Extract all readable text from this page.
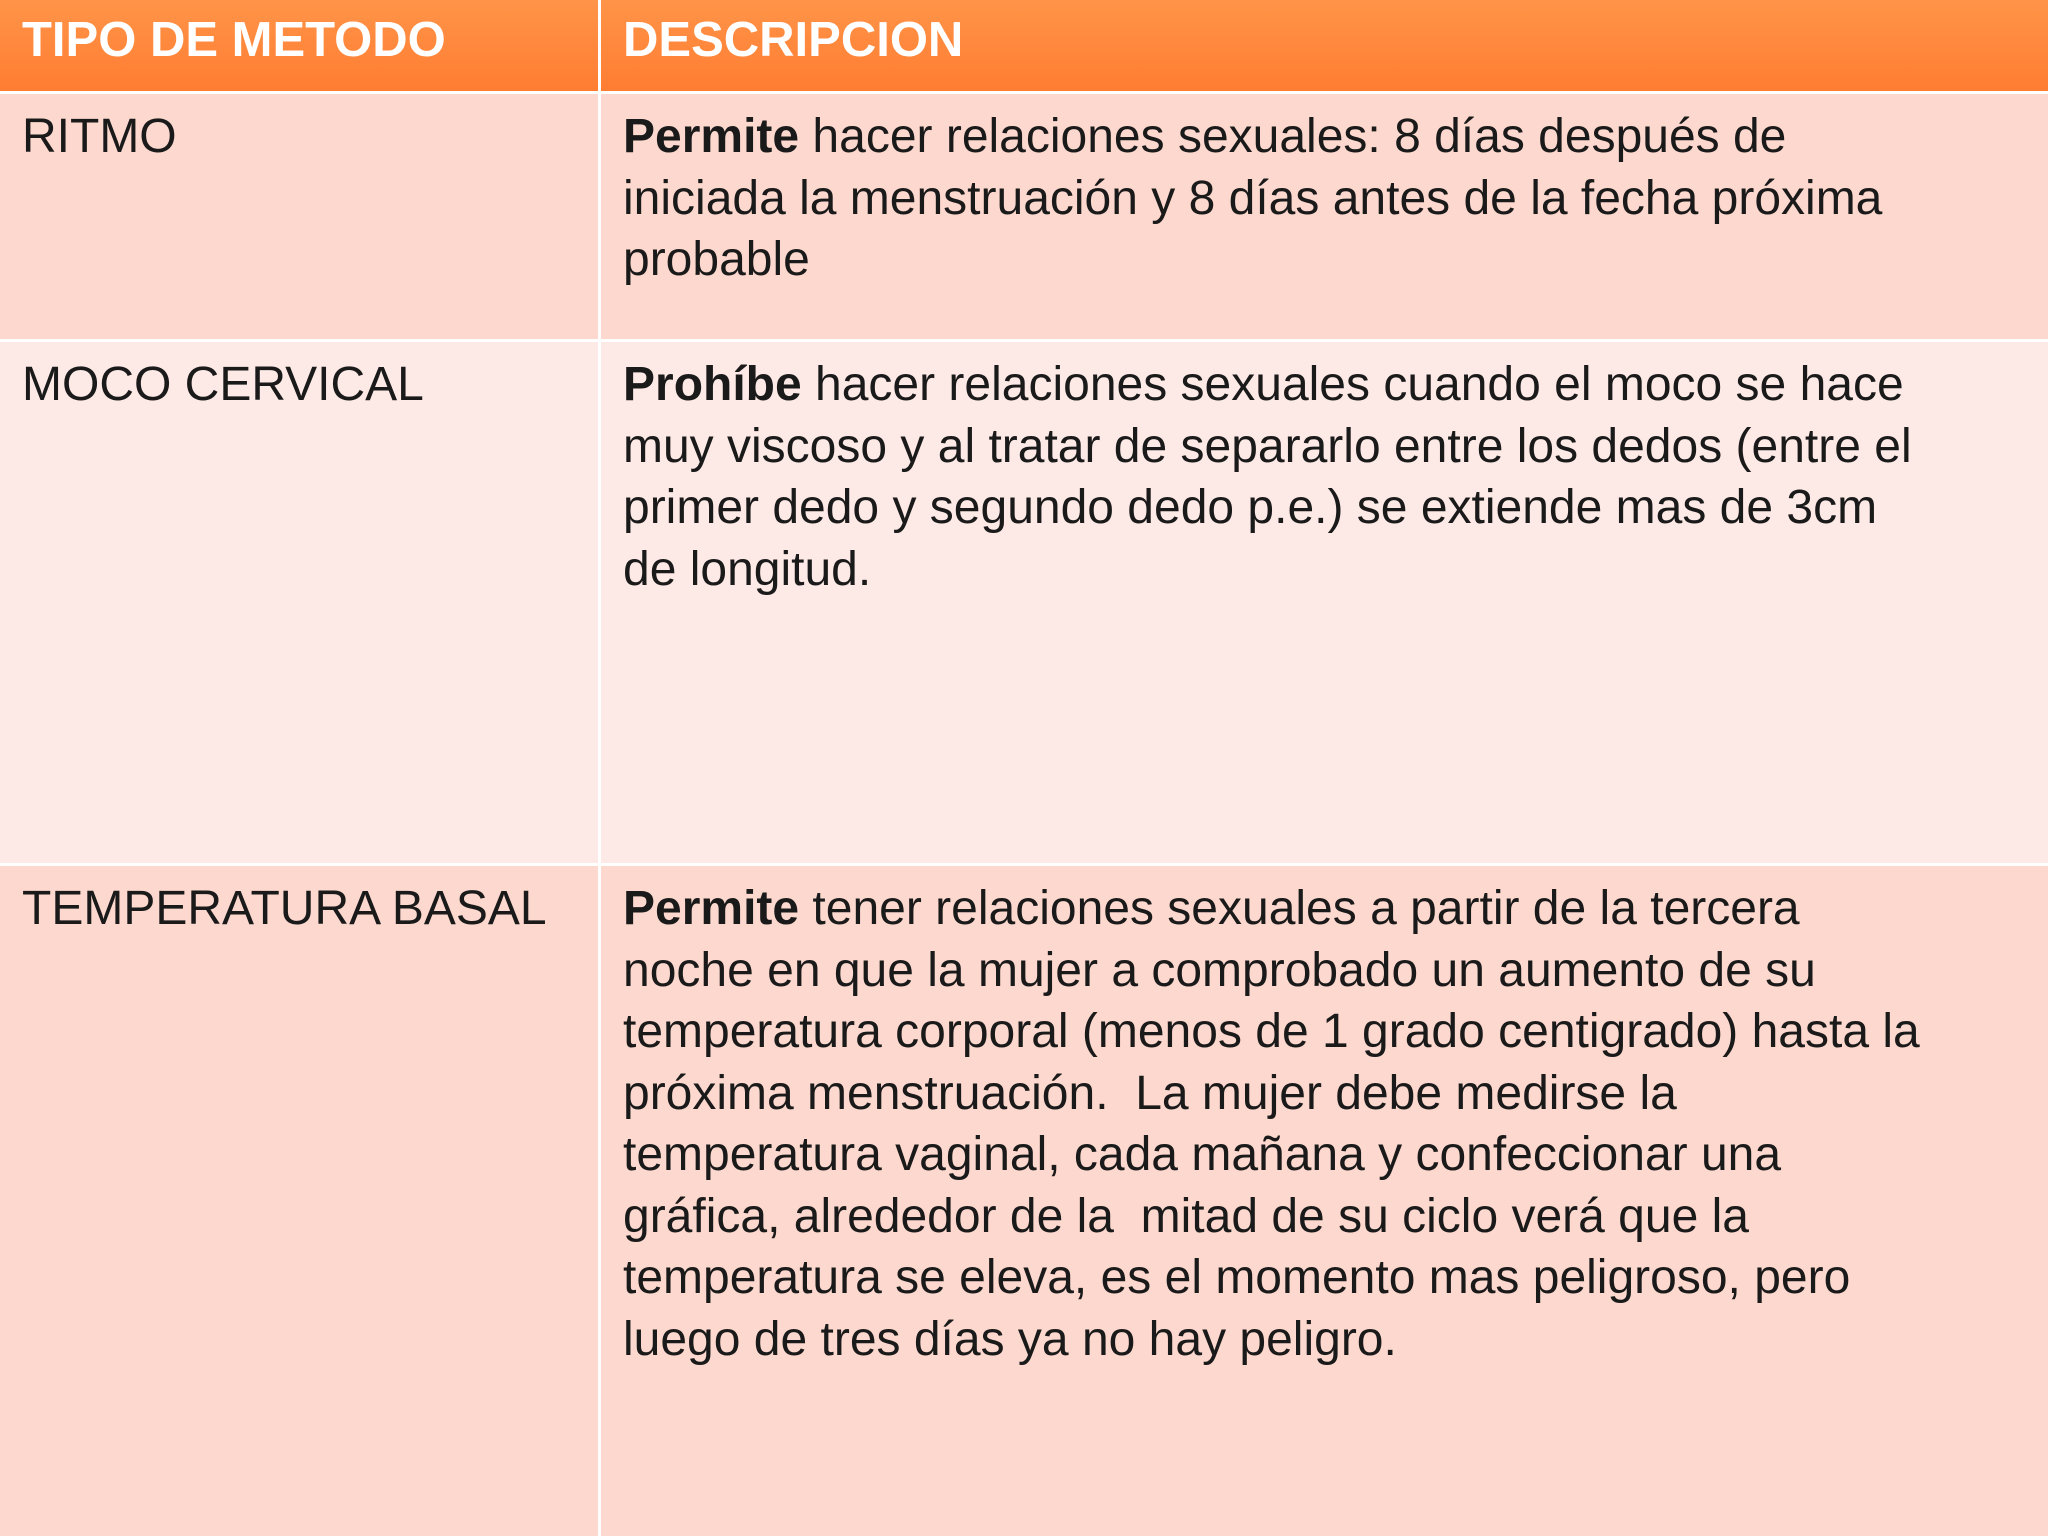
TIPO DE METODO	DESCRIPCION
RITMO	Permite hacer relaciones sexuales: 8 días después de
iniciada la menstruación y 8 días antes de la fecha próxima
probable
MOCO CERVICAL	Prohíbe hacer relaciones sexuales cuando el moco se hace
muy viscoso y al tratar de separarlo entre los dedos (entre el
primer dedo y segundo dedo p.e.) se extiende mas de 3cm
de longitud.
TEMPERATURA BASAL	Permite tener relaciones sexuales a partir de la tercera
noche en que la mujer a comprobado un aumento de su
temperatura corporal (menos de 1 grado centigrado) hasta la
próxima menstruación.  La mujer debe medirse la
temperatura vaginal, cada mañana y confeccionar una
gráfica, alrededor de la  mitad de su ciclo verá que la
temperatura se eleva, es el momento mas peligroso, pero
luego de tres días ya no hay peligro.
